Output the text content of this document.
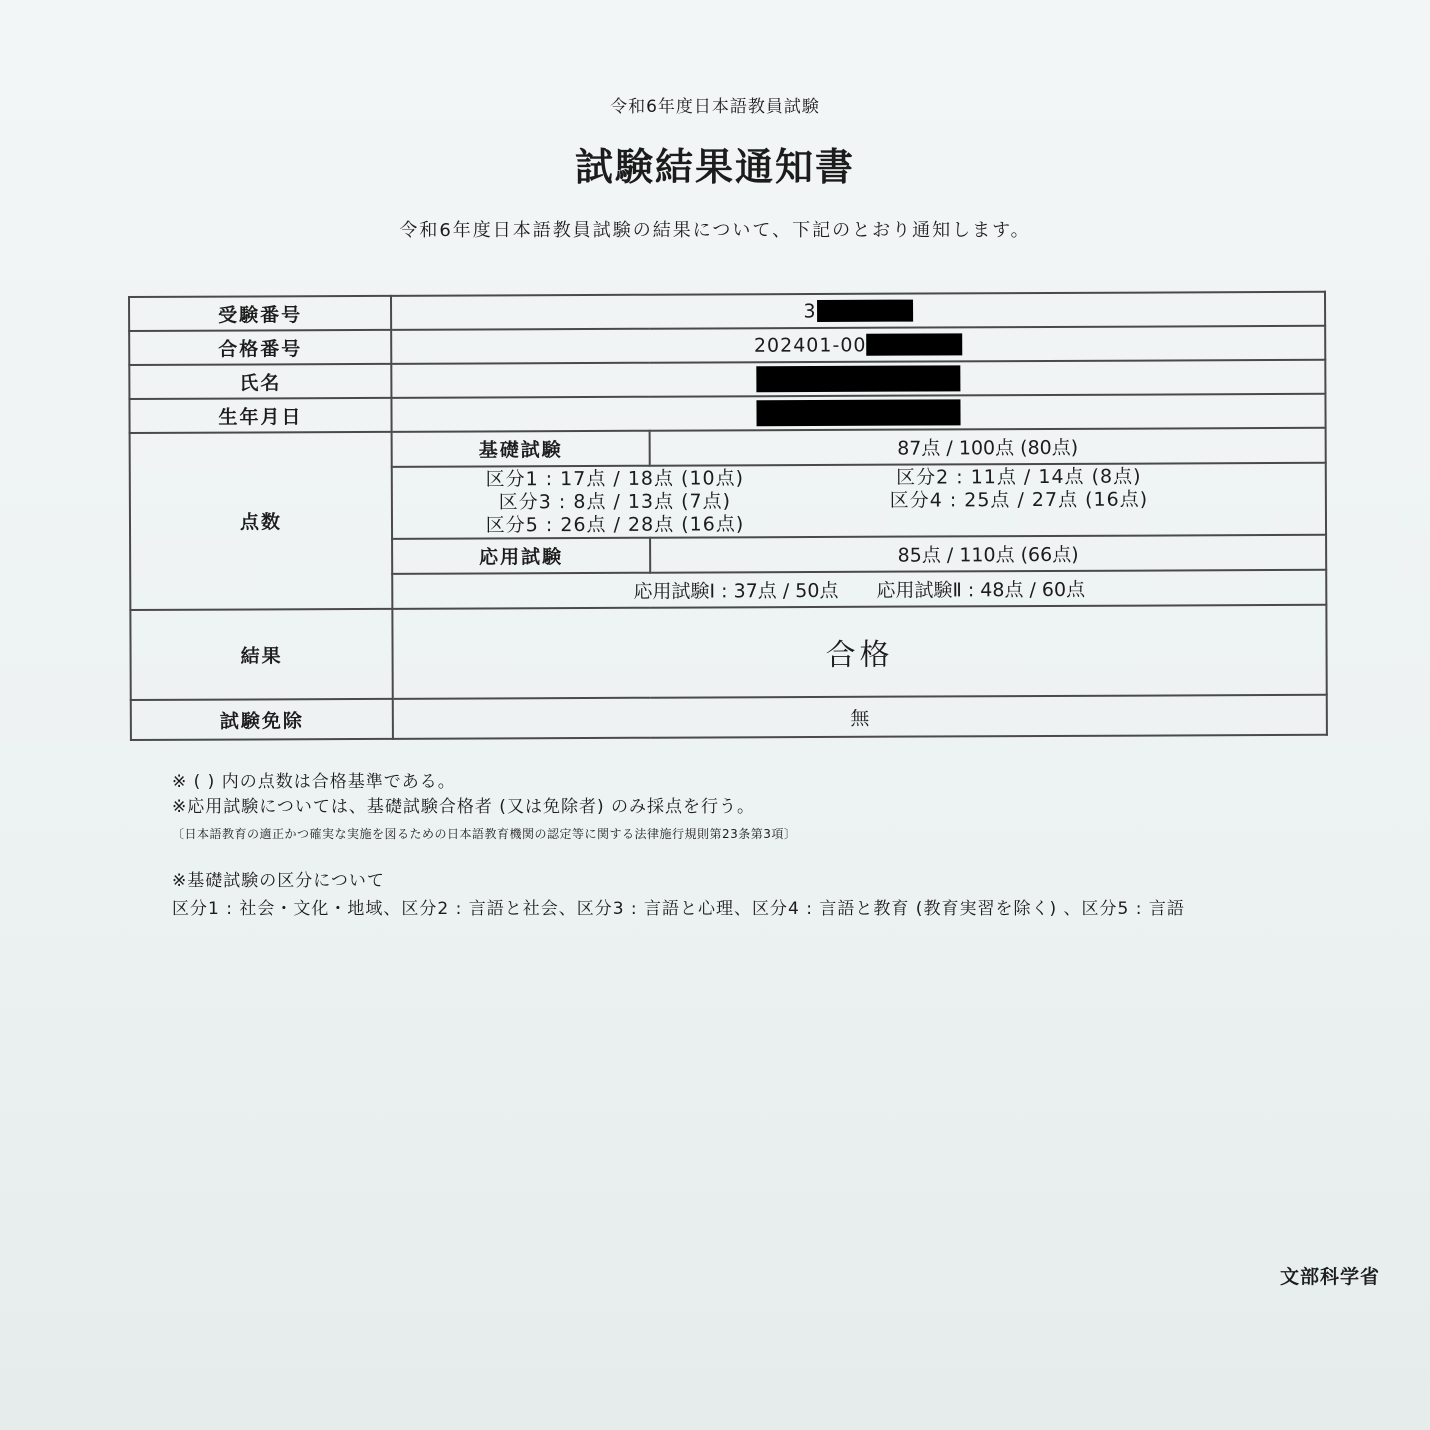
令和6年度日本語教員試験
試験結果通知書
令和6年度日本語教員試験の結果について、下記のとおり通知します。
受験番号	3	
合格番号	202401-00	
氏名		
生年月日		
点数	基礎試験	87点 / 100点 (80点)

	区分1 : 17点 / 18点 (10点) 区分2 : 11点 / 14点 (8点)
区分3 : 8点 / 13点 (7点) 区分4 : 25点 / 27点 (16点)
区分5 : 26点 / 28点 (16点)	

	応用試験	85点 / 110点 (66点)
	応用試験Ⅰ : 37点 / 50点　　応用試験Ⅱ : 48点 / 60点	
結果	合格	
試験免除	無	
※ ( ) 内の点数は合格基準である。
※応用試験については、基礎試験合格者 (又は免除者) のみ採点を行う。
〔日本語教育の適正かつ確実な実施を図るための日本語教育機関の認定等に関する法律施行規則第23条第3項〕
※基礎試験の区分について
区分1 : 社会・文化・地域、区分2 : 言語と社会、区分3 : 言語と心理、区分4 : 言語と教育 (教育実習を除く) 、区分5 : 言語
文部科学省
